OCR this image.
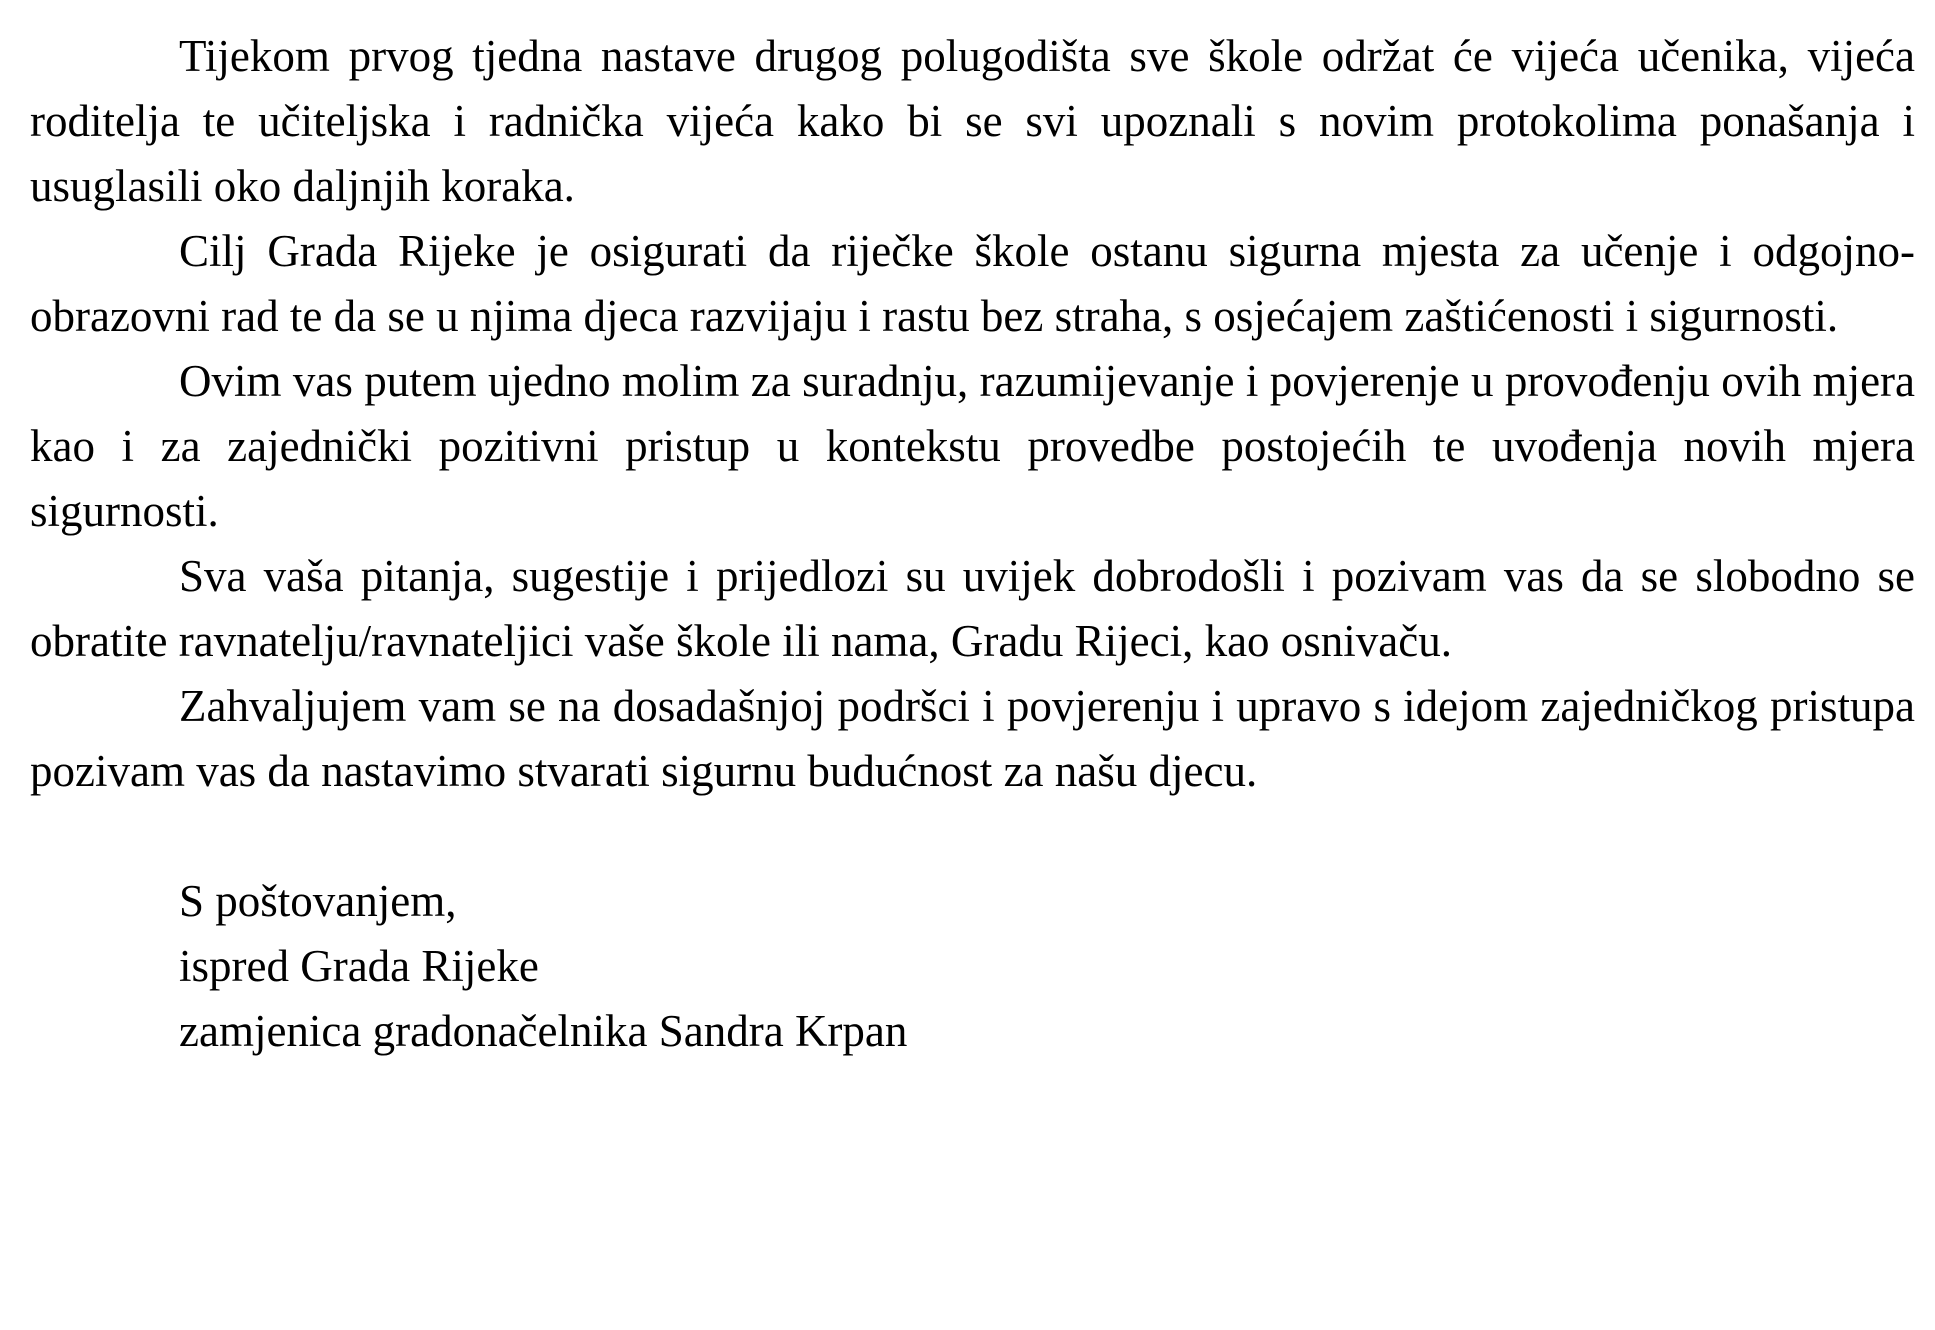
Tijekom prvog tjedna nastave drugog polugodišta sve škole održat će vijeća učenika, vijeća roditelja te učiteljska i radnička vijeća kako bi se svi upoznali s novim protokolima ponašanja i usuglasili oko daljnjih koraka.

Cilj Grada Rijeke je osigurati da riječke škole ostanu sigurna mjesta za učenje i odgojno-obrazovni rad te da se u njima djeca razvijaju i rastu bez straha, s osjećajem zaštićenosti i sigurnosti.

Ovim vas putem ujedno molim za suradnju, razumijevanje i povjerenje u provođenju ovih mjera kao i za zajednički pozitivni pristup u kontekstu provedbe postojećih te uvođenja novih mjera sigurnosti.

Sva vaša pitanja, sugestije i prijedlozi su uvijek dobrodošli i pozivam vas da se slobodno se obratite ravnatelju/ravnateljici vaše škole ili nama, Gradu Rijeci, kao osnivaču.

Zahvaljujem vam se na dosadašnjoj podršci i povjerenju i upravo s idejom zajedničkog pristupa pozivam vas da nastavimo stvarati sigurnu budućnost za našu djecu.

S poštovanjem,
ispred Grada Rijeke
zamjenica gradonačelnika Sandra Krpan
